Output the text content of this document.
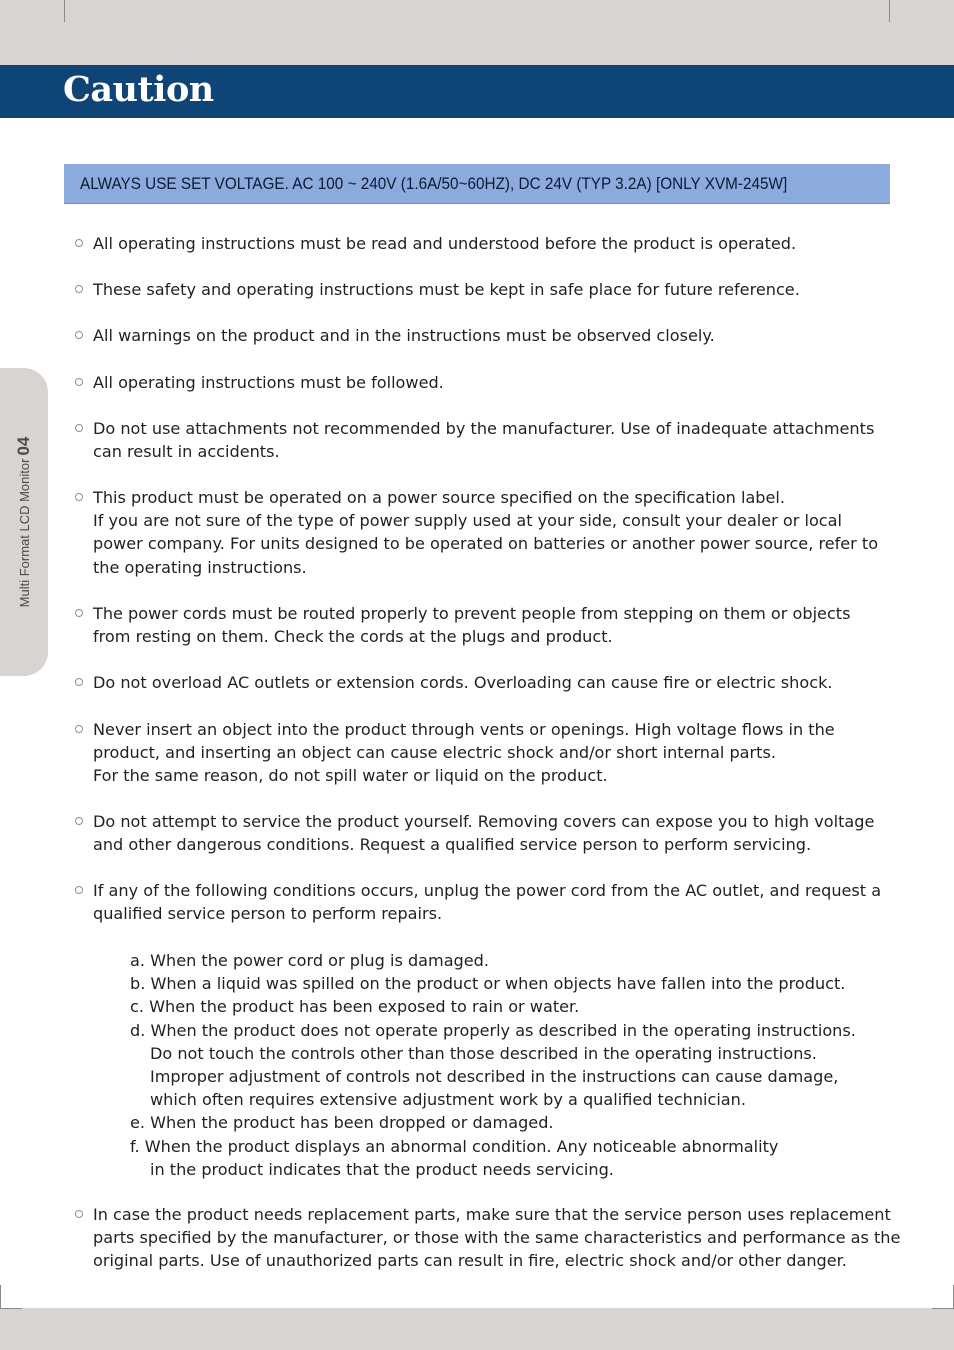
Caution
Multi Format LCD Monitor04
ALWAYS USE SET VOLTAGE. AC 100 ~ 240V (1.6A/50~60HZ), DC 24V (TYP 3.2A) [ONLY XVM-245W]
All operating instructions must be read and understood before the product is operated.
These safety and operating instructions must be kept in safe place for future reference.
All warnings on the product and in the instructions must be observed closely.
All operating instructions must be followed.
Do not use attachments not recommended by the manufacturer. Use of inadequate attachments
can result in accidents.
This product must be operated on a power source specified on the specification label.
If you are not sure of the type of power supply used at your side, consult your dealer or local
power company. For units designed to be operated on batteries or another power source, refer to
the operating instructions.
The power cords must be routed properly to prevent people from stepping on them or objects
from resting on them. Check the cords at the plugs and product.
Do not overload AC outlets or extension cords. Overloading can cause fire or electric shock.
Never insert an object into the product through vents or openings. High voltage flows in the
product, and inserting an object can cause electric shock and/or short internal parts.
For the same reason, do not spill water or liquid on the product.
Do not attempt to service the product yourself. Removing covers can expose you to high voltage
and other dangerous conditions. Request a qualified service person to perform servicing.
If any of the following conditions occurs, unplug the power cord from the AC outlet, and request a
qualified service person to perform repairs.
a. When the power cord or plug is damaged.
b. When a liquid was spilled on the product or when objects have fallen into the product.
c. When the product has been exposed to rain or water.
d. When the product does not operate properly as described in the operating instructions.
Do not touch the controls other than those described in the operating instructions.
Improper adjustment of controls not described in the instructions can cause damage,
which often requires extensive adjustment work by a qualified technician.
e. When the product has been dropped or damaged.
f. When the product displays an abnormal condition. Any noticeable abnormality
in the product indicates that the product needs servicing.
In case the product needs replacement parts, make sure that the service person uses replacement
parts specified by the manufacturer, or those with the same characteristics and performance as the
original parts. Use of unauthorized parts can result in fire, electric shock and/or other danger.
